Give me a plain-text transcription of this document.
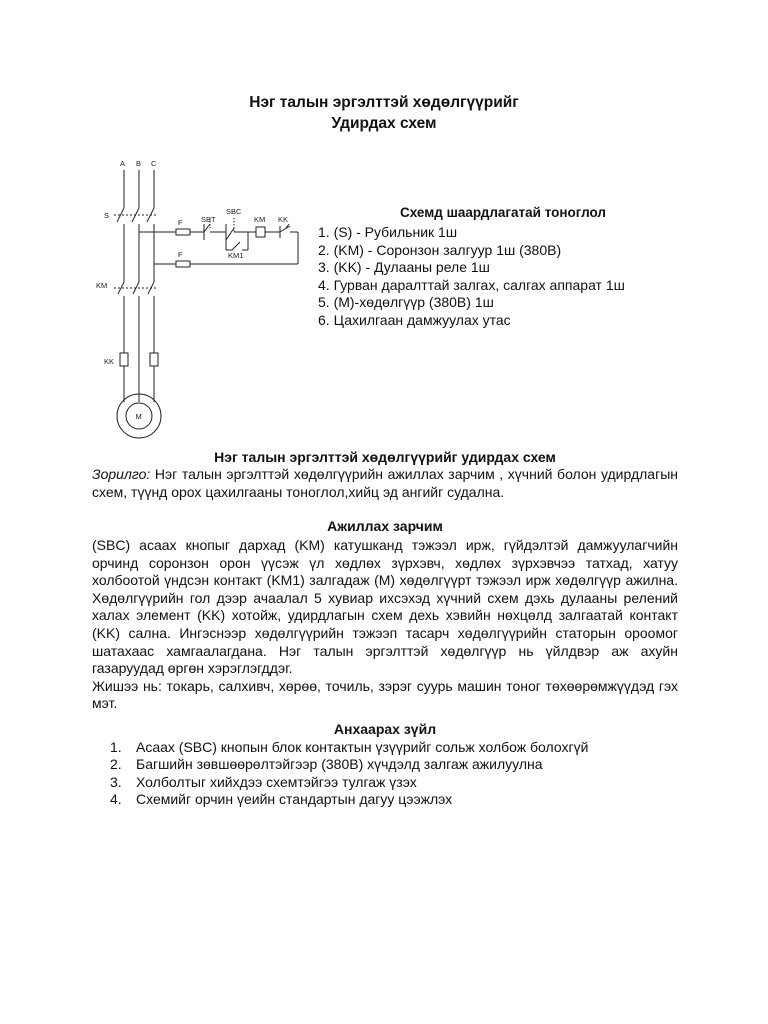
Нэг талын эргэлттэй хөдөлгүүрийг
Удирдах схем
A B C
S
F
F
SBT
SBC
KM KK
KM1
KM
KK
M
Схемд шаардлагатай тоноглол
1. (S) - Рубильник 1ш
2. (KM) - Соронзон залгуур 1ш (380В)
3. (KK) - Дулааны реле 1ш
4. Гурван даралттай залгах, салгах аппарат 1ш
5. (M)-хөдөлгүүр (380В) 1ш
6. Цахилгаан дамжуулах утас
Нэг талын эргэлттэй хөдөлгүүрийг удирдах схем
Зорилго: Нэг талын эргэлттэй хөдөлгүүрийн ажиллах зарчим , хүчний болон удирдлагын схем, түүнд орох цахилгааны тоноглол,хийц эд ангийг судална.
Ажиллах зарчим
(SBC) асаах кнопыг дархад (KM) катушканд тэжээл ирж, гүйдэлтэй дамжуулагчийн орчинд соронзон орон үүсэж үл хөдлөх зүрхэвч, хөдлөх зүрхэвчээ татхад, хатуу холбоотой үндсэн контакт (KM1) залгадаж (M) хөдөлгүүрт тэжээл ирж хөдөлгүүр ажилна. Хөдөлгүүрийн гол дээр ачаалал 5 хувиар ихсэхэд хүчний схем дэхь дулааны релений халах элемент (KK) хотойж, удирдлагын схем дехь хэвийн нөхцөлд залгаатай контакт (KK) сална. Ингэснээр хөдөлгүүрийн тэжээп тасарч хөдөлгүүрийн статорын ороомог шатахаас хамгаалагдана. Нэг талын эргэлттэй хөдөлгүүр нь үйлдвэр аж ахуйн газаруудад өргөн хэрэглэгддэг.
Жишээ нь: токарь, салхивч, хөрөө, точиль, зэрэг суурь машин тоног төхөөрөмжүүдэд гэх мэт.
Анхаарах зүйл
1. Асаах (SBC) кнопын блок контактын үзүүрийг сольж холбож болохгүй
2. Багшийн зөвшөөрөлтэйгээр (380В) хүчдэлд залгаж ажилуулна
3. Холболтыг хийхдээ схемтэйгээ тулгаж үзэх
4. Схемийг орчин үеийн стандартын дагуу цээжлэх
